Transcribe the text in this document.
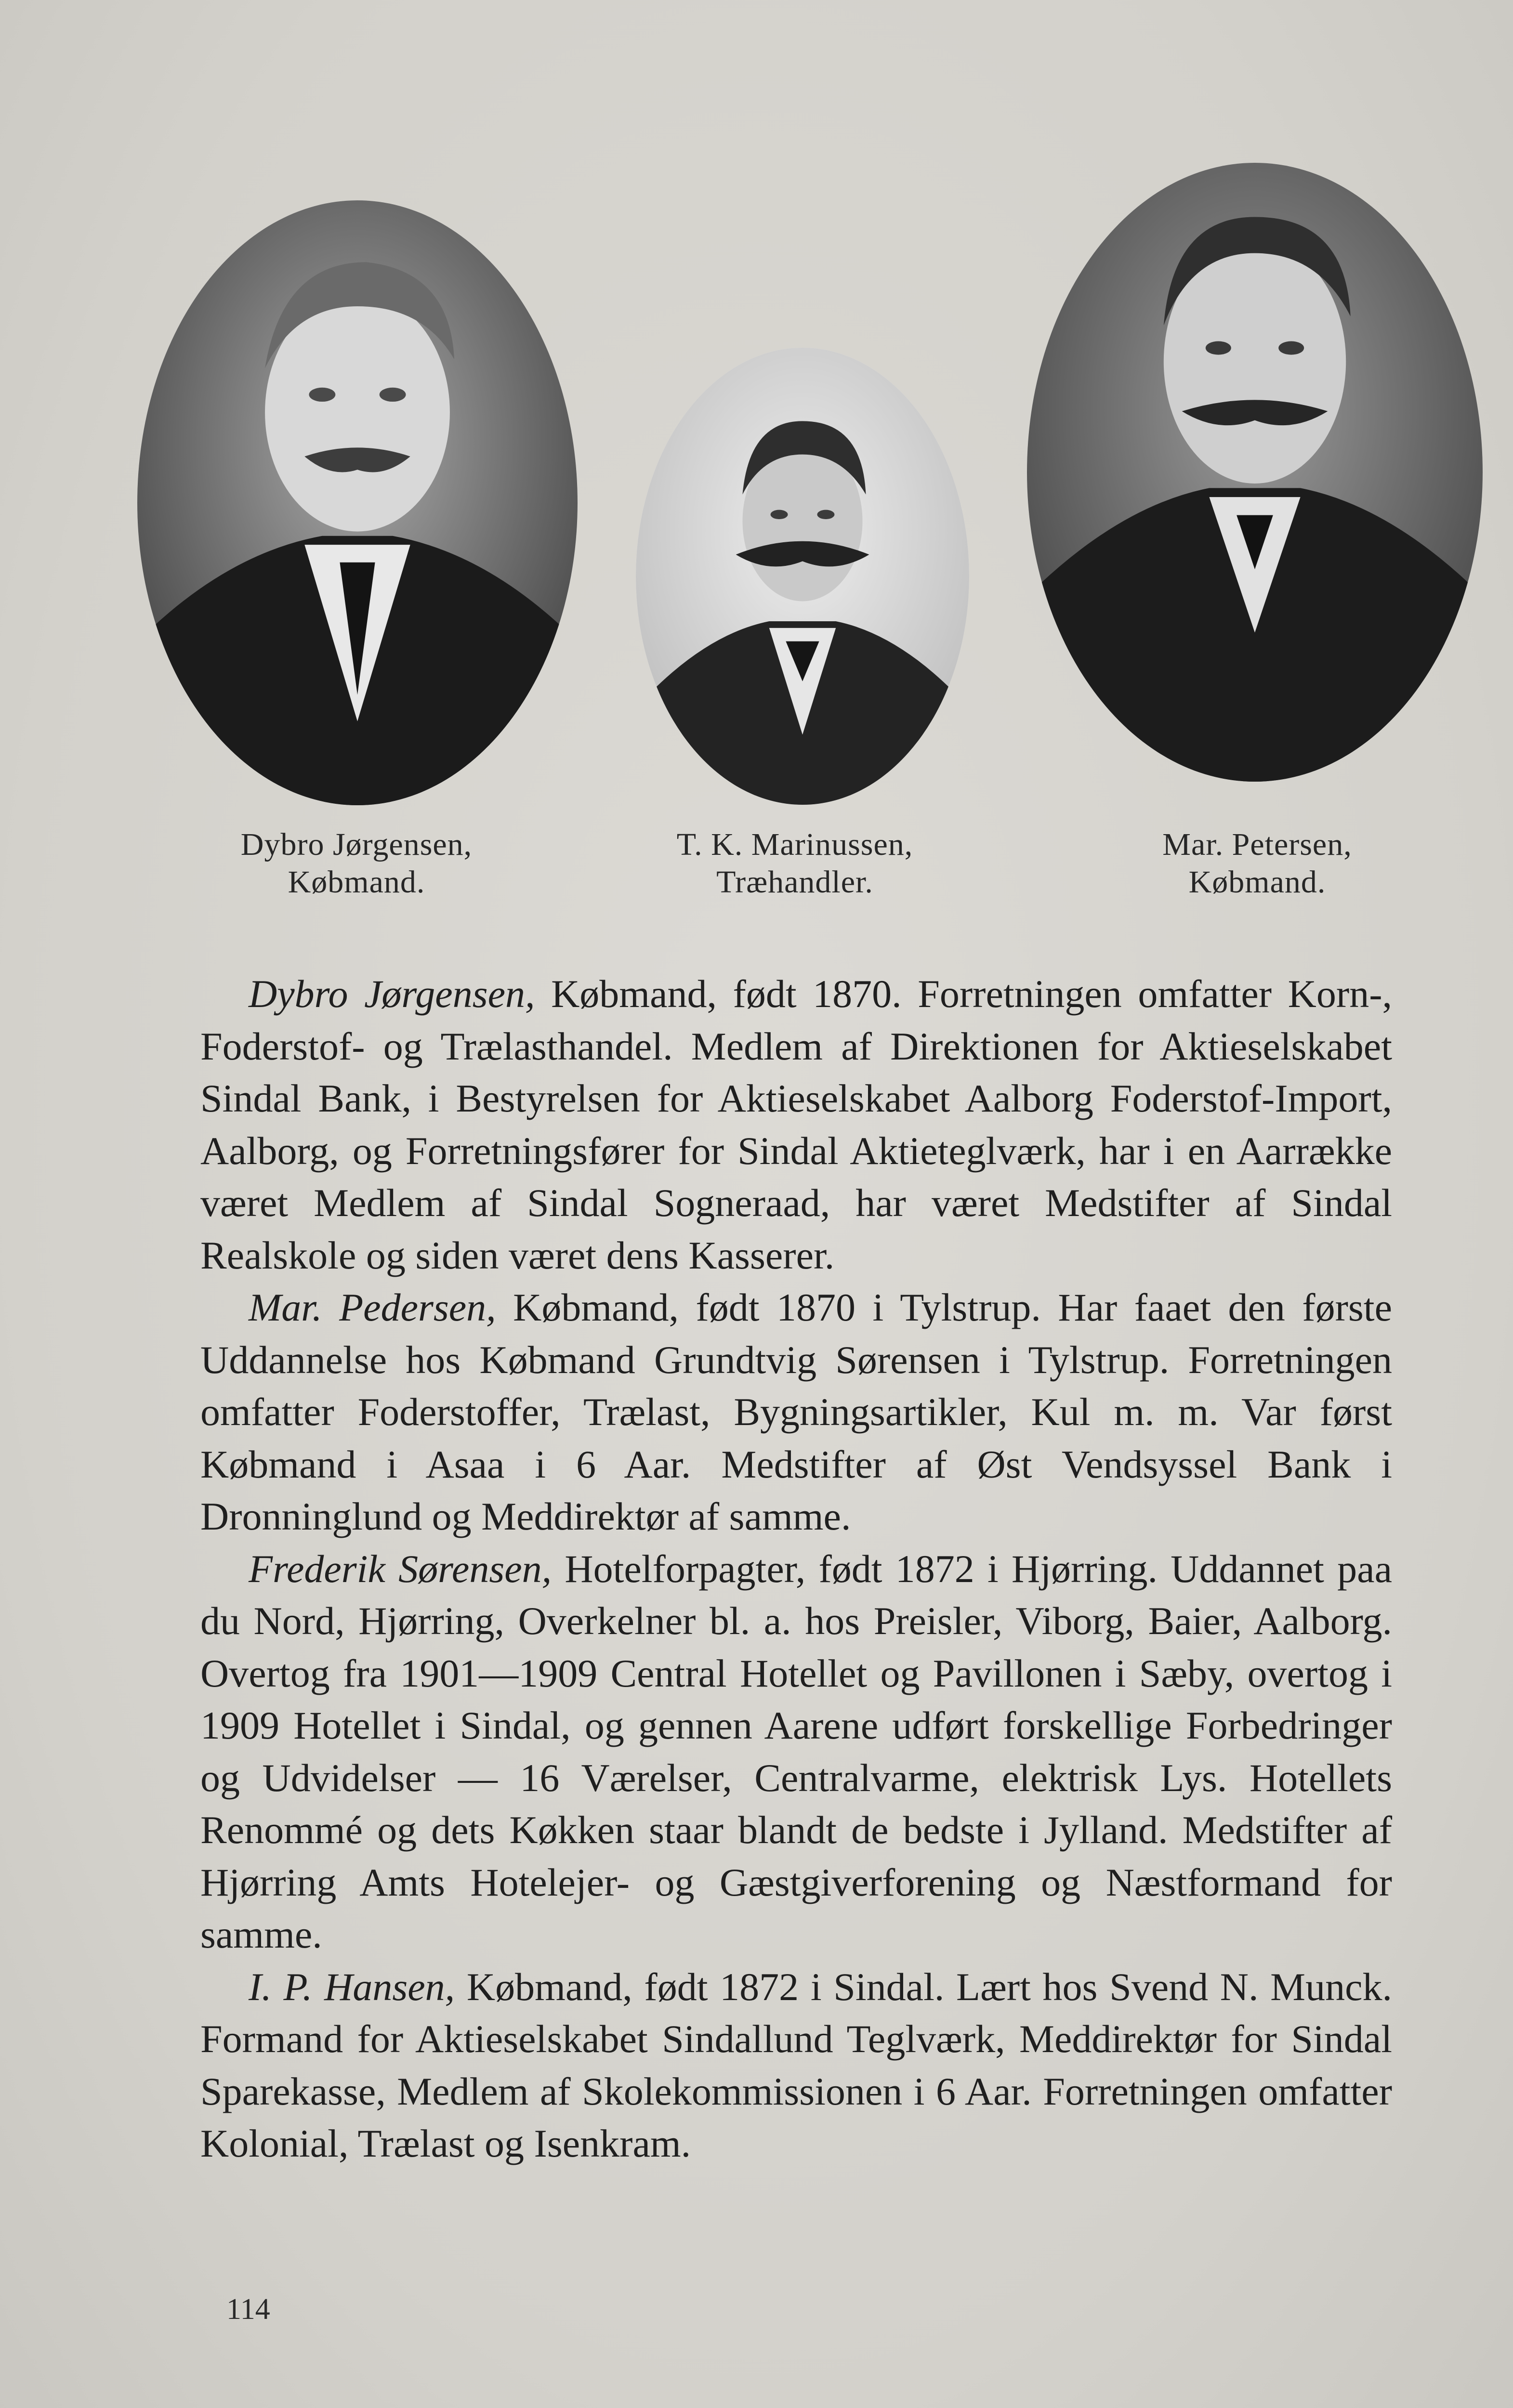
Dybro Jørgensen,
Købmand.
T. K. Marinussen,
Træhandler.
Mar. Petersen,
Købmand.

Dybro Jørgensen, Købmand, født 1870. Forretningen omfatter Korn-, Foderstof- og Trælasthandel. Medlem af Direktionen for Aktieselskabet Sindal Bank, i Bestyrelsen for Aktieselskabet Aalborg Foderstof-Import, Aalborg, og Forretningsfører for Sindal Aktieteglværk, har i en Aarrække været Medlem af Sindal Sogneraad, har været Medstifter af Sindal Realskole og siden været dens Kasserer.

Mar. Pedersen, Købmand, født 1870 i Tylstrup. Har faaet den første Uddannelse hos Købmand Grundtvig Sørensen i Tylstrup. Forretningen omfatter Foderstoffer, Trælast, Bygningsartikler, Kul m. m. Var først Købmand i Asaa i 6 Aar. Medstifter af Øst Vendsyssel Bank i Dronninglund og Meddirektør af samme.

Frederik Sørensen, Hotelforpagter, født 1872 i Hjørring. Uddannet paa du Nord, Hjørring, Overkelner bl. a. hos Preisler, Viborg, Baier, Aalborg. Overtog fra 1901—1909 Central Hotellet og Pavillonen i Sæby, overtog i 1909 Hotellet i Sindal, og gennen Aarene udført forskellige Forbedringer og Udvidelser — 16 Værelser, Centralvarme, elektrisk Lys. Hotellets Renommé og dets Køkken staar blandt de bedste i Jylland. Medstifter af Hjørring Amts Hotelejer- og Gæstgiverforening og Næstformand for samme.

I. P. Hansen, Købmand, født 1872 i Sindal. Lært hos Svend N. Munck. Formand for Aktieselskabet Sindallund Teglværk, Meddirektør for Sindal Sparekasse, Medlem af Skolekommissionen i 6 Aar. Forretningen omfatter Kolonial, Trælast og Isenkram.

114
